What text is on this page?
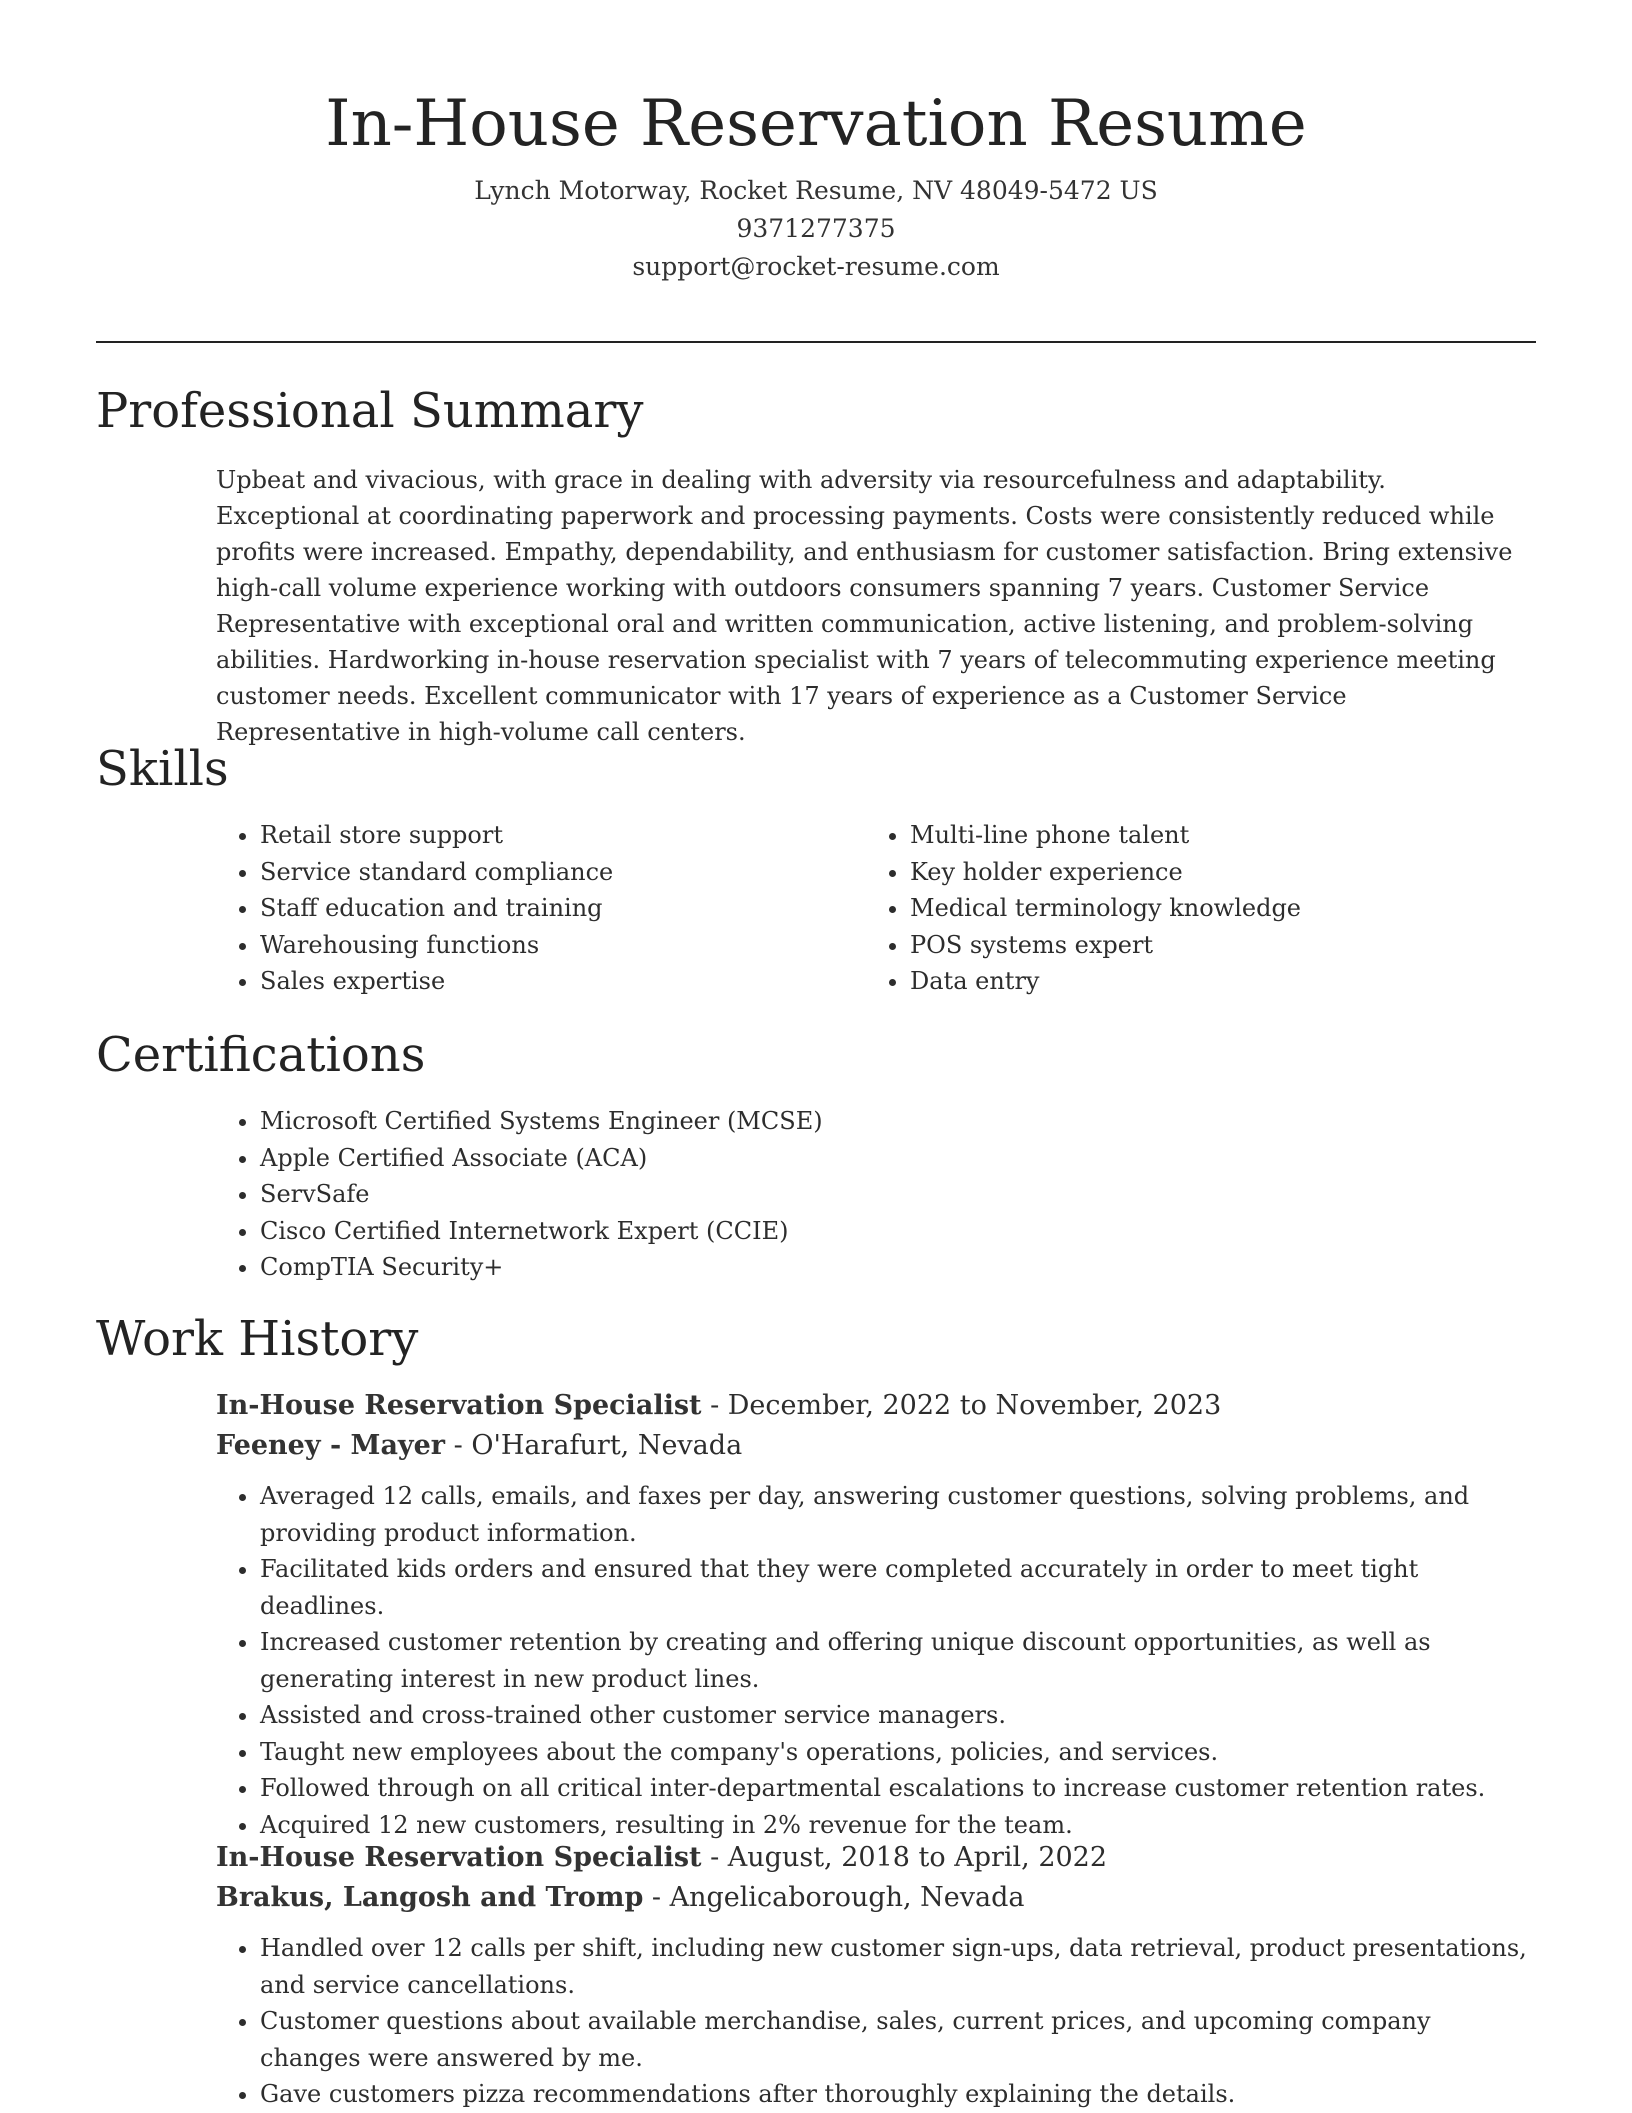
In-House Reservation Resume
Lynch Motorway, Rocket Resume, NV 48049-5472 US
9371277375
support@rocket-resume.com
Professional Summary

Upbeat and vivacious, with grace in dealing with adversity via resourcefulness and adaptability. Exceptional at coordinating paperwork and processing payments. Costs were consistently reduced while profits were increased. Empathy, dependability, and enthusiasm for customer satisfaction. Bring extensive high-call volume experience working with outdoors consumers spanning 7 years. Customer Service Representative with exceptional oral and written communication, active listening, and problem-solving abilities. Hardworking in-house reservation specialist with 7 years of telecommuting experience meeting customer needs. Excellent communicator with 17 years of experience as a Customer Service Representative in high-volume call centers.

Skills
• Retail store support
• Service standard compliance
• Staff education and training
• Warehousing functions
• Sales expertise
• Multi-line phone talent
• Key holder experience
• Medical terminology knowledge
• POS systems expert
• Data entry
Certifications
• Microsoft Certified Systems Engineer (MCSE)
• Apple Certified Associate (ACA)
• ServSafe
• Cisco Certified Internetwork Expert (CCIE)
• CompTIA Security+
Work History
In-House Reservation Specialist - December, 2022 to November, 2023
Feeney - Mayer - O'Harafurt, Nevada
• Averaged 12 calls, emails, and faxes per day, answering customer questions, solving problems, and providing product information.
• Facilitated kids orders and ensured that they were completed accurately in order to meet tight deadlines.
• Increased customer retention by creating and offering unique discount opportunities, as well as generating interest in new product lines.
• Assisted and cross-trained other customer service managers.
• Taught new employees about the company's operations, policies, and services.
• Followed through on all critical inter-departmental escalations to increase customer retention rates.
• Acquired 12 new customers, resulting in 2% revenue for the team.
In-House Reservation Specialist - August, 2018 to April, 2022
Brakus, Langosh and Tromp - Angelicaborough, Nevada
• Handled over 12 calls per shift, including new customer sign-ups, data retrieval, product presentations, and service cancellations.
• Customer questions about available merchandise, sales, current prices, and upcoming company changes were answered by me.
• Gave customers pizza recommendations after thoroughly explaining the details.
